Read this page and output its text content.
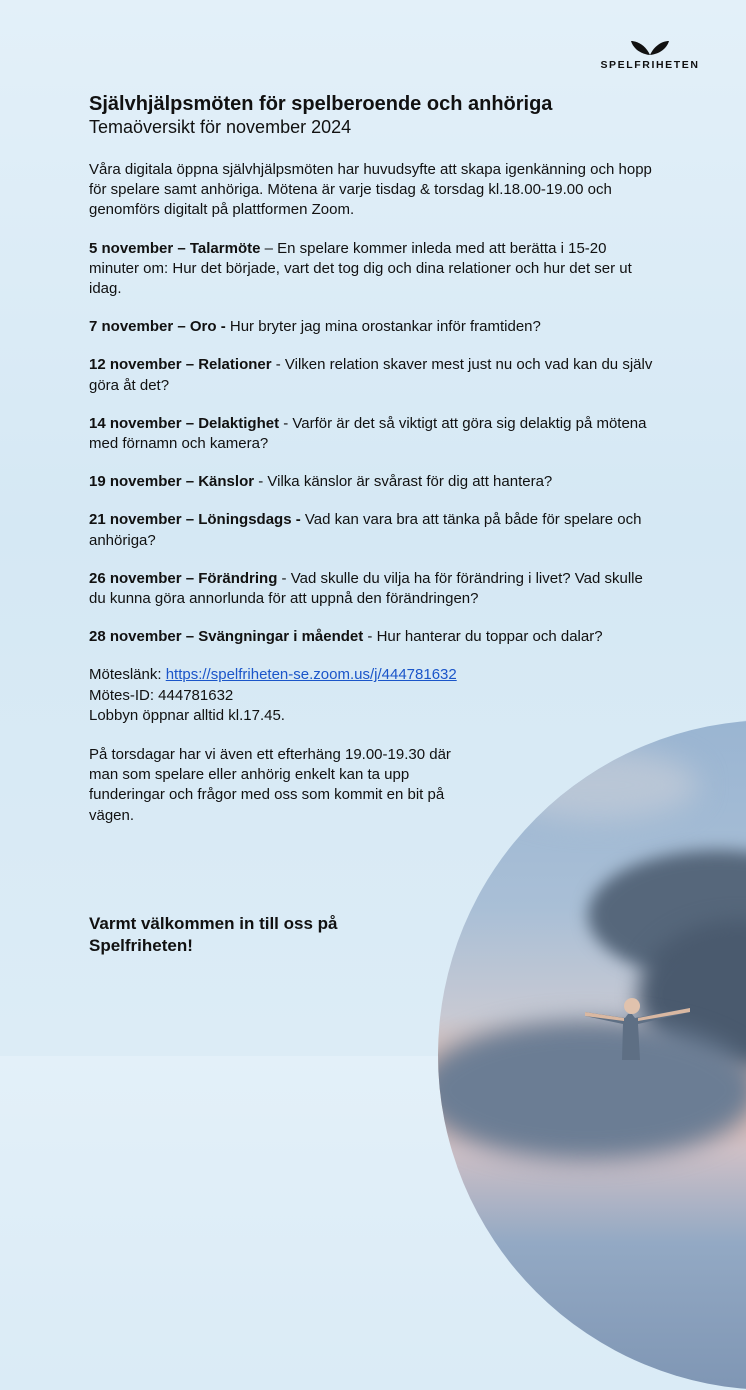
SPELFRIHETEN
Självhjälpsmöten för spelberoende och anhöriga
Temaöversikt för november 2024

Våra digitala öppna självhjälpsmöten har huvudsyfte att skapa igenkänning och hopp för spelare samt anhöriga. Mötena är varje tisdag & torsdag kl.18.00-19.00 och genomförs digitalt på plattformen Zoom.

5 november – Talarmöte – En spelare kommer inleda med att berätta i 15-20 minuter om: Hur det började, vart det tog dig och dina relationer och hur det ser ut idag.

7 november – Oro - Hur bryter jag mina orostankar inför framtiden?

12 november – Relationer - Vilken relation skaver mest just nu och vad kan du själv göra åt det?

14 november – Delaktighet - Varför är det så viktigt att göra sig delaktig på mötena med förnamn och kamera?

19 november – Känslor - Vilka känslor är svårast för dig att hantera?

21 november – Löningsdags - Vad kan vara bra att tänka på både för spelare och anhöriga?

26 november – Förändring - Vad skulle du vilja ha för förändring i livet? Vad skulle du kunna göra annorlunda för att uppnå den förändringen?

28 november – Svängningar i måendet - Hur hanterar du toppar och dalar?

Möteslänk: https://spelfriheten-se.zoom.us/j/444781632

Mötes-ID: 444781632

Lobbyn öppnar alltid kl.17.45.

På torsdagar har vi även ett efterhäng 19.00-19.30 där man som spelare eller anhörig enkelt kan ta upp funderingar och frågor med oss som kommit en bit på vägen.

Varmt välkommen in till oss på Spelfriheten!
